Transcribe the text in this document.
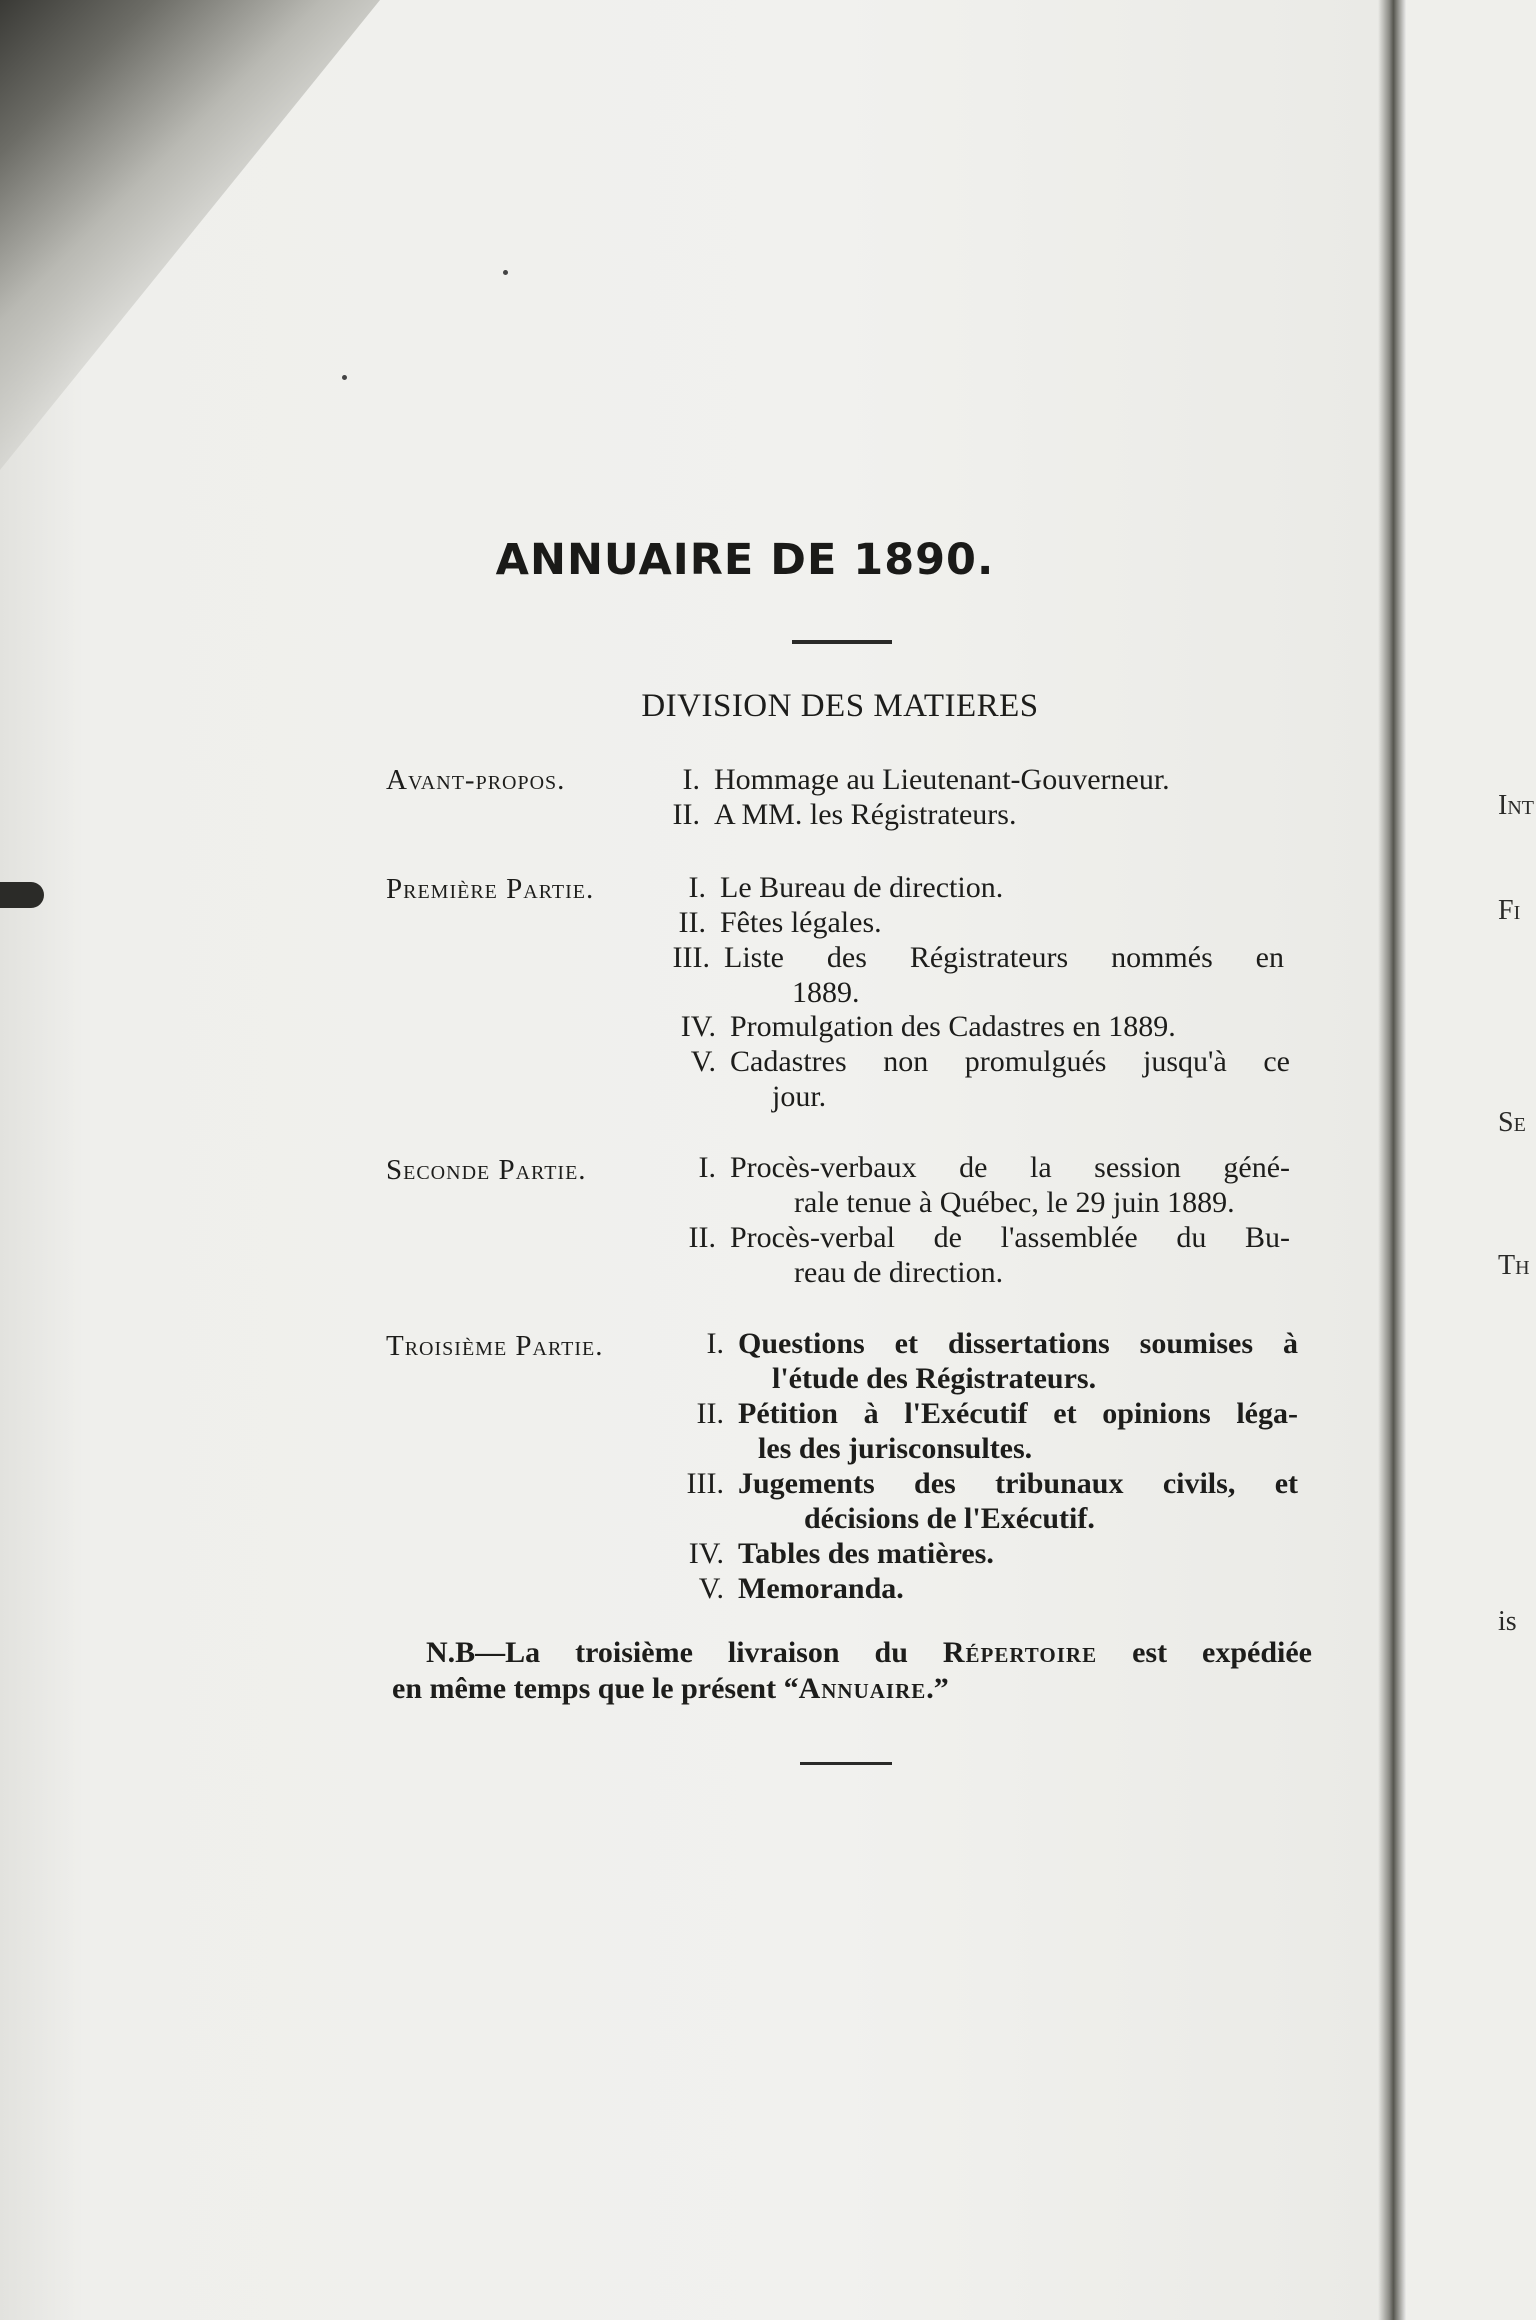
Int
Fi
Se
Th
is
ANNUAIRE DE 1890.
DIVISION DES MATIERES
Avant-propos.	I. Hommage au Lieutenant-Gouverneur.
II. A MM. les Régistrateurs.
Première Partie.	I. Le Bureau de direction.
II. Fêtes légales.
III. Liste des Régistrateurs nommés en
1889.
IV. Promulgation des Cadastres en 1889.
V. Cadastres non promulgués jusqu'à ce
jour.
Seconde Partie.	I. Procès-verbaux de la session géné-
rale tenue à Québec, le 29 juin 1889.
II. Procès-verbal de l'assemblée du Bu-
reau de direction.
Troisième Partie.	I. Questions et dissertations soumises à
l'étude des Régistrateurs.
II. Pétition à l'Exécutif et opinions léga-
les des jurisconsultes.
III. Jugements des tribunaux civils, et
décisions de l'Exécutif.
IV. Tables des matières.
V. Memoranda.
N.B—La troisième livraison du Répertoire est expédiée
en même temps que le présent “Annuaire.”
